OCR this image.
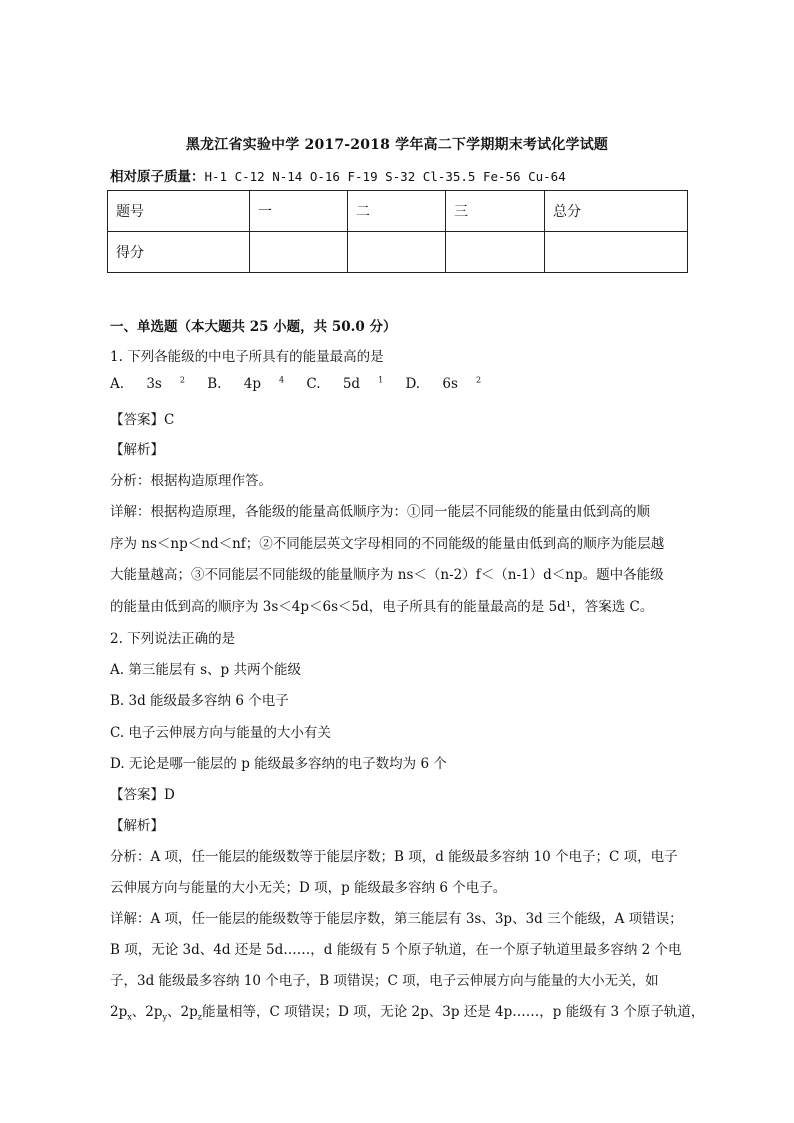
黑龙江省实验中学 2017-2018 学年高二下学期期末考试化学试题
相对原子质量：H-1 C-12 N-14 O-16 F-19 S-32 Cl-35.5 Fe-56 Cu-64
题号	一	二	三	总分
得分				
一、单选题（本大题共 25 小题，共 50.0 分）
1. 下列各能级的中电子所具有的能量最高的是
A. 3s $^2$ B. 4p $^4$ C. 5d $^1$ D. 6s $^2$
【答案】C
【解析】
分析：根据构造原理作答。
详解：根据构造原理，各能级的能量高低顺序为：①同一能层不同能级的能量由低到高的顺
序为 ns＜np＜nd＜nf；②不同能层英文字母相同的不同能级的能量由低到高的顺序为能层越
大能量越高；③不同能层不同能级的能量顺序为 ns＜（n-2）f＜（n-1）d＜np。题中各能级
的能量由低到高的顺序为 3s＜4p＜6s＜5d，电子所具有的能量最高的是 5d¹，答案选 C。
2. 下列说法正确的是
A. 第三能层有 s、p 共两个能级
B. 3d 能级最多容纳 6 个电子
C. 电子云伸展方向与能量的大小有关
D. 无论是哪一能层的 p 能级最多容纳的电子数均为 6 个
【答案】D
【解析】
分析：A 项，任一能层的能级数等于能层序数；B 项，d 能级最多容纳 10 个电子；C 项，电子
云伸展方向与能量的大小无关；D 项，p 能级最多容纳 6 个电子。
详解：A 项，任一能层的能级数等于能层序数，第三能层有 3s、3p、3d 三个能级，A 项错误；
B 项，无论 3d、4d 还是 5d……，d 能级有 5 个原子轨道，在一个原子轨道里最多容纳 2 个电
子，3d 能级最多容纳 10 个电子，B 项错误；C 项，电子云伸展方向与能量的大小无关，如
$2p_x$、$2p_y$、$2p_z$能量相等，C 项错误；D 项，无论 2p、3p 还是 4p……，p 能级有 3 个原子轨道，
